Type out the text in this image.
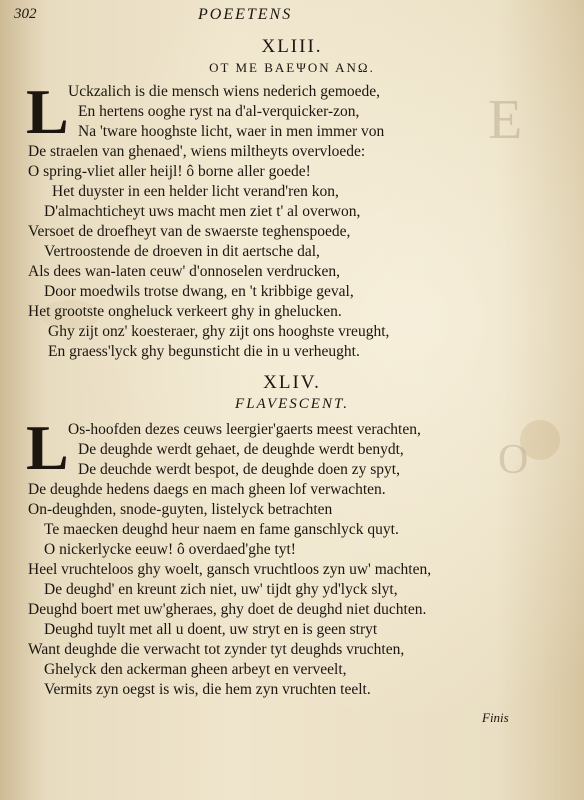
E
O
302	POEETENS
XLIII.
ΟΤ ΜΕ ΒΑΕΨΟΝ ΑΝΩ.
L Uckzalich is die mensch wiens nederich gemoede,
En hertens ooghe ryst na d'al-verquicker-zon,
Na 'tware hooghste licht, waer in men immer von
De straelen van ghenaed', wiens miltheyts overvloede:
O spring-vliet aller heijl! ô borne aller goede!
Het duyster in een helder licht verand'ren kon,
D'almachticheyt uws macht men ziet t' al overwon,
Versoet de droefheyt van de swaerste teghenspoede,
Vertroostende de droeven in dit aertsche dal,
Als dees wan-laten ceuw' d'onnoselen verdrucken,
Door moedwils trotse dwang, en 't kribbige geval,
Het grootste ongheluck verkeert ghy in ghelucken.
Ghy zijt onz' koesteraer, ghy zijt ons hooghste vreught,
En graess'lyck ghy begunsticht die in u verheught.
XLIV.
FLAVESCENT.
L Os-hoofden dezes ceuws leergier'gaerts meest verachten,
De deughde werdt gehaet, de deughde werdt benydt,
De deuchde werdt bespot, de deughde doen zy spyt,
De deughde hedens daegs en mach gheen lof verwachten.
On-deughden, snode-guyten, listelyck betrachten
Te maecken deughd heur naem en fame ganschlyck quyt.
O nickerlycke eeuw! ô overdaed'ghe tyt!
Heel vruchteloos ghy woelt, gansch vruchtloos zyn uw' machten,
De deughd' en kreunt zich niet, uw' tijdt ghy yd'lyck slyt,
Deughd boert met uw'gheraes, ghy doet de deughd niet duchten.
Deughd tuylt met all u doent, uw stryt en is geen stryt
Want deughde die verwacht tot zynder tyt deughds vruchten,
Ghelyck den ackerman gheen arbeyt en verveelt,
Vermits zyn oegst is wis, die hem zyn vruchten teelt.
Finis
